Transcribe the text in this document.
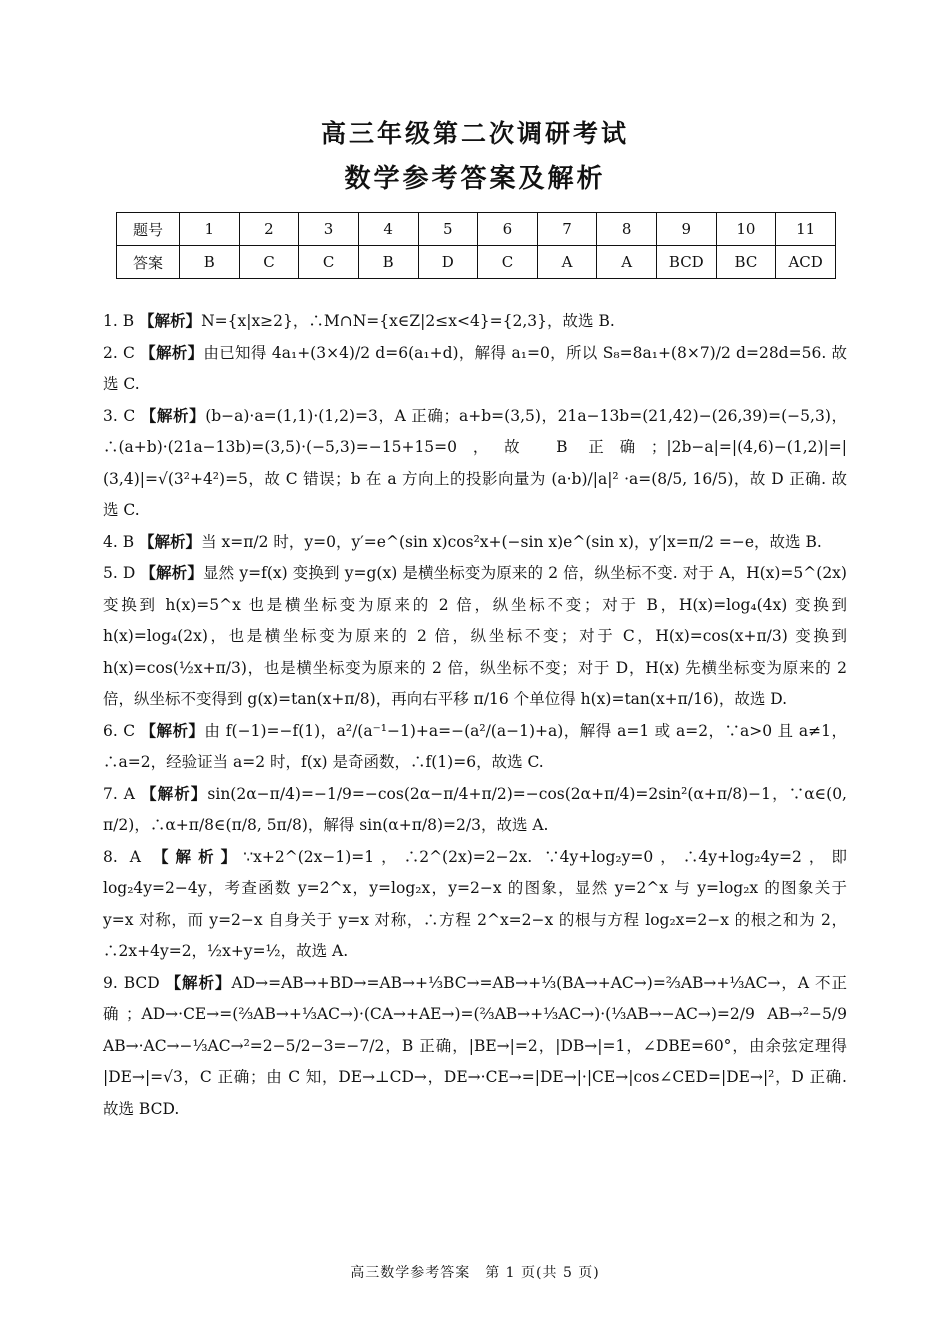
高三年级第二次调研考试
数学参考答案及解析
题号	1	2	3	4	5	6	7	8	9	10	11
答案	B	C	C	B	D	C	A	A	BCD	BC	ACD

1. B 【解析】N={x|x≥2}，∴M∩N={x∈Z|2≤x<4}={2,3}，故选 B.

2. C 【解析】由已知得 4a₁+(3×4)/2 d=6(a₁+d)，解得 a₁=0，所以 S₈=8a₁+(8×7)/2 d=28d=56. 故选 C.

3. C 【解析】(b−a)·a=(1,1)·(1,2)=3，A 正确；a+b=(3,5)，21a−13b=(21,42)−(26,39)=(−5,3)，∴(a+b)·(21a−13b)=(3,5)·(−5,3)=−15+15=0，故 B 正确；|2b−a|=|(4,6)−(1,2)|=|(3,4)|=√(3²+4²)=5，故 C 错误；b 在 a 方向上的投影向量为 (a·b)/|a|² ·a=(8/5, 16/5)，故 D 正确. 故选 C.

4. B 【解析】当 x=π/2 时，y=0，y′=e^(sin x)cos²x+(−sin x)e^(sin x)，y′|x=π/2 =−e，故选 B.

5. D 【解析】显然 y=f(x) 变换到 y=g(x) 是横坐标变为原来的 2 倍，纵坐标不变. 对于 A，H(x)=5^(2x) 变换到 h(x)=5^x 也是横坐标变为原来的 2 倍，纵坐标不变；对于 B，H(x)=log₄(4x) 变换到 h(x)=log₄(2x)，也是横坐标变为原来的 2 倍，纵坐标不变；对于 C，H(x)=cos(x+π/3) 变换到 h(x)=cos(½x+π/3)，也是横坐标变为原来的 2 倍，纵坐标不变；对于 D，H(x) 先横坐标变为原来的 2 倍，纵坐标不变得到 g(x)=tan(x+π/8)，再向右平移 π/16 个单位得 h(x)=tan(x+π/16)，故选 D.

6. C 【解析】由 f(−1)=−f(1)，a²/(a⁻¹−1)+a=−(a²/(a−1)+a)，解得 a=1 或 a=2，∵a>0 且 a≠1，∴a=2，经验证当 a=2 时，f(x) 是奇函数，∴f(1)=6，故选 C.

7. A 【解析】sin(2α−π/4)=−1/9=−cos(2α−π/4+π/2)=−cos(2α+π/4)=2sin²(α+π/8)−1，∵α∈(0, π/2)，∴α+π/8∈(π/8, 5π/8)，解得 sin(α+π/8)=2/3，故选 A.

8. A 【解析】∵x+2^(2x−1)=1，∴2^(2x)=2−2x. ∵4y+log₂y=0，∴4y+log₂4y=2，即 log₂4y=2−4y，考查函数 y=2^x，y=log₂x，y=2−x 的图象，显然 y=2^x 与 y=log₂x 的图象关于 y=x 对称，而 y=2−x 自身关于 y=x 对称，∴方程 2^x=2−x 的根与方程 log₂x=2−x 的根之和为 2，∴2x+4y=2，½x+y=½，故选 A.

9. BCD 【解析】AD→=AB→+BD→=AB→+⅓BC→=AB→+⅓(BA→+AC→)=⅔AB→+⅓AC→，A 不正确；AD→·CE→=(⅔AB→+⅓AC→)·(CA→+AE→)=(⅔AB→+⅓AC→)·(⅓AB→−AC→)=2/9 AB→²−5/9 AB→·AC→−⅓AC→²=2−5/2−3=−7/2，B 正确，|BE→|=2，|DB→|=1，∠DBE=60°，由余弦定理得 |DE→|=√3，C 正确；由 C 知，DE→⊥CD→，DE→·CE→=|DE→|·|CE→|cos∠CED=|DE→|²，D 正确. 故选 BCD.

高三数学参考答案　第 1 页(共 5 页)
